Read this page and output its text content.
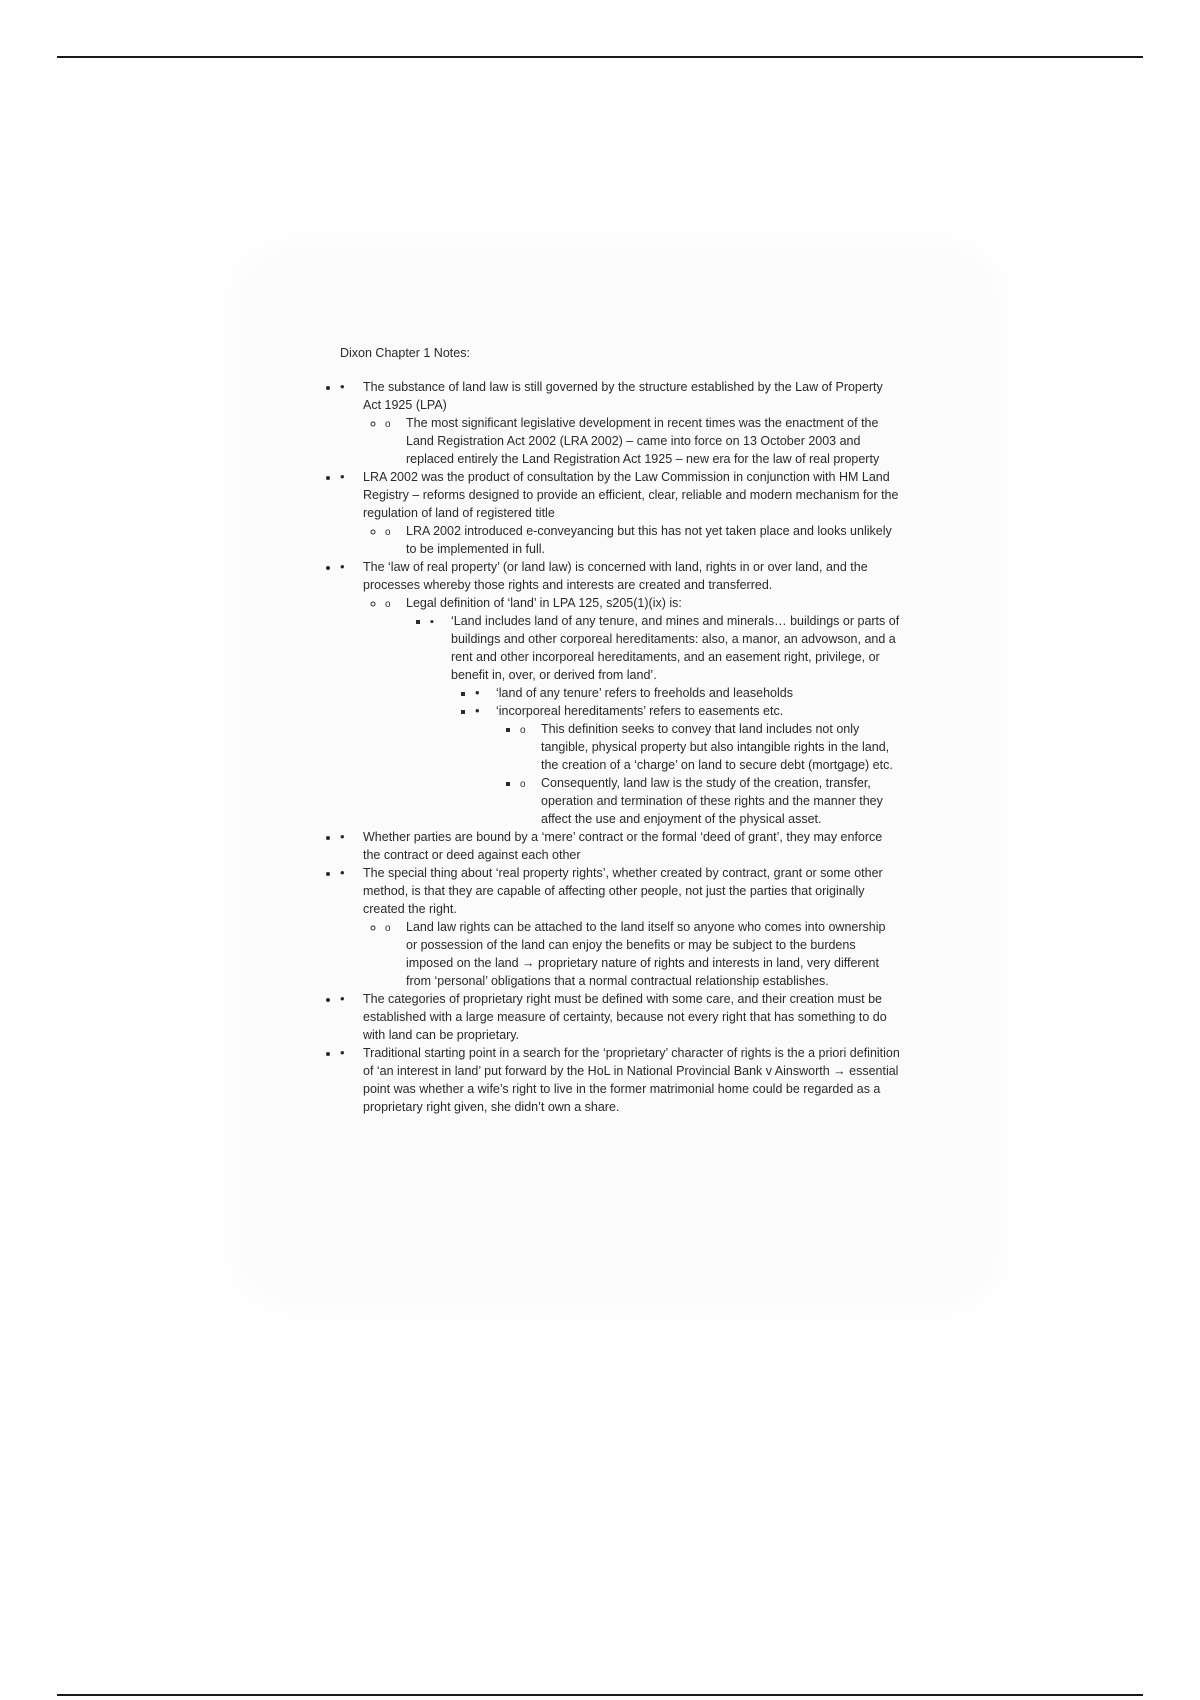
Dixon Chapter 1 Notes:

•
• The substance of land law is still governed by the structure established by the Law of Property Act 1925 (LPA)
o
◦ The most significant legislative development in recent times was the enactment of the Land Registration Act 2002 (LRA 2002) – came into force on 13 October 2003 and replaced entirely the Land Registration Act 1925 – new era for the law of real property
•
• LRA 2002 was the product of consultation by the Law Commission in conjunction with HM Land Registry – reforms designed to provide an efficient, clear, reliable and modern mechanism for the regulation of land of registered title
o
◦ LRA 2002 introduced e-conveyancing but this has not yet taken place and looks unlikely to be implemented in full.
•
• The ‘law of real property’ (or land law) is concerned with land, rights in or over land, and the processes whereby those rights and interests are created and transferred.
o
◦ Legal definition of ‘land’ in LPA 125, s205(1)(ix) is:
▪
▪ ‘Land includes land of any tenure, and mines and minerals… buildings or parts of buildings and other corporeal hereditaments: also, a manor, an advowson, and a rent and other incorporeal hereditaments, and an easement right, privilege, or benefit in, over, or derived from land’.
•
▪ ‘land of any tenure’ refers to freeholds and leaseholds
•
▪ ‘incorporeal hereditaments’ refers to easements etc.
o
▪ This definition seeks to convey that land includes not only tangible, physical property but also intangible rights in the land, the creation of a ‘charge’ on land to secure debt (mortgage) etc.
o
▪ Consequently, land law is the study of the creation, transfer, operation and termination of these rights and the manner they affect the use and enjoyment of the physical asset.
•
• Whether parties are bound by a ‘mere’ contract or the formal ‘deed of grant’, they may enforce the contract or deed against each other
•
• The special thing about ‘real property rights’, whether created by contract, grant or some other method, is that they are capable of affecting other people, not just the parties that originally created the right.
o
◦ Land law rights can be attached to the land itself so anyone who comes into ownership or possession of the land can enjoy the benefits or may be subject to the burdens imposed on the land → proprietary nature of rights and interests in land, very different from ‘personal’ obligations that a normal contractual relationship establishes.
•
• The categories of proprietary right must be defined with some care, and their creation must be established with a large measure of certainty, because not every right that has something to do with land can be proprietary.
•
• Traditional starting point in a search for the ‘proprietary’ character of rights is the a priori definition of ‘an interest in land’ put forward by the HoL in National Provincial Bank v Ainsworth → essential point was whether a wife’s right to live in the former matrimonial home could be regarded as a proprietary right given, she didn’t own a share.
